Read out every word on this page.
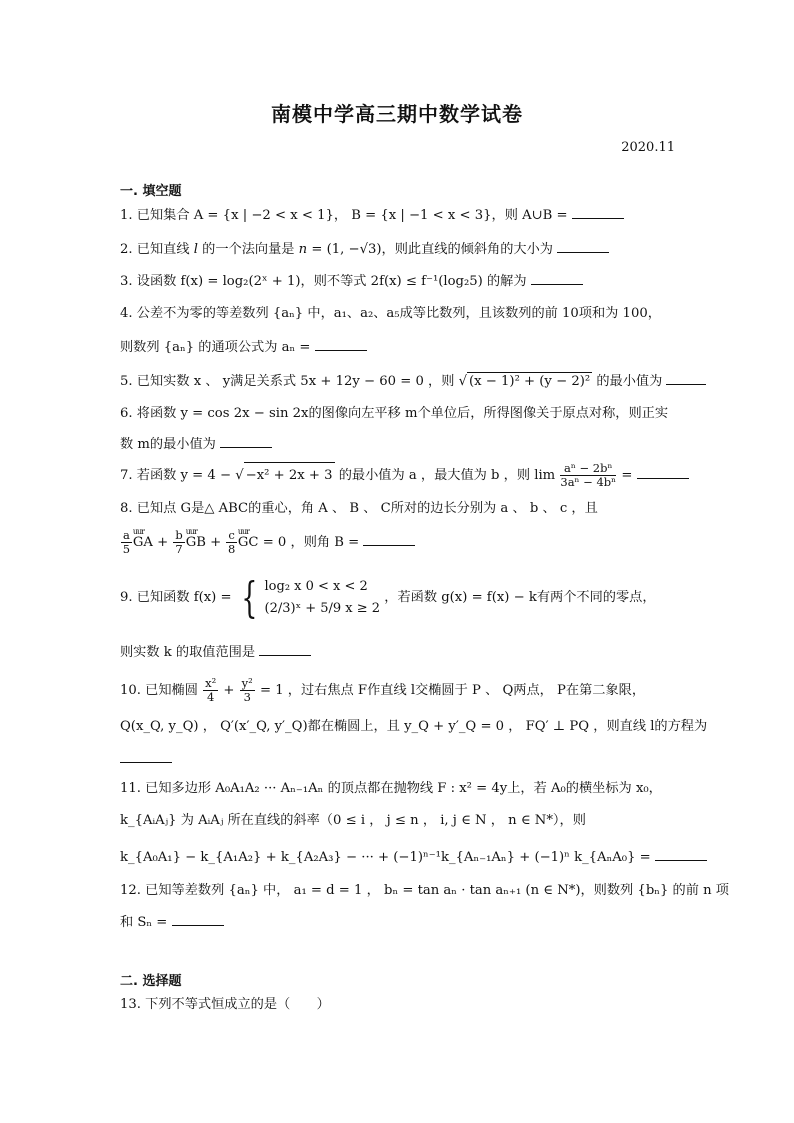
南模中学高三期中数学试卷
2020.11
一. 填空题
1. 已知集合 A = {x | −2 < x < 1}， B = {x | −1 < x < 3}，则 A∪B =
2. 已知直线 l 的一个法向量是 n = (1, −√3)，则此直线的倾斜角的大小为
3. 设函数 f(x) = log₂(2ˣ + 1)，则不等式 2f(x) ≤ f⁻¹(log₂5) 的解为
4. 公差不为零的等差数列 {aₙ} 中，a₁、a₂、a₅成等比数列，且该数列的前 10项和为 100，
则数列 {aₙ} 的通项公式为 aₙ =
5. 已知实数 x 、 y满足关系式 5x + 12y − 60 = 0 ，则 √ (x − 1)² + (y − 2)² 的最小值为
6. 将函数 y = cos 2x − sin 2x的图像向左平移 m个单位后，所得图像关于原点对称，则正实
数 m的最小值为
7. 若函数 y = 4 − √ −x² + 2x + 3 的最小值为 a ，最大值为 b ，则 $\lim \frac{\text{aⁿ − 2bⁿ}}{\text{3aⁿ − 4bⁿ}}$ =
8. 已知点 G是△ ABC的重心，角 A 、 B 、 C所对的边长分别为 a 、 b 、 c ，且
$\frac{a}{5}$ uur GA + $\frac{b}{7}$ uur GB + $\frac{c}{8}$ uur GC = 0 ，则角 B =
9. 已知函数 f(x) = { log₂ x 0 < x < 2
(2/3)ˣ + 5/9 x ≥ 2
，若函数 g(x) = f(x) − k有两个不同的零点，
则实数 k 的取值范围是
10. 已知椭圆 $\frac{\text{x²}}{4} + \frac{\text{y²}}{3} = 1$ ，过右焦点 F作直线 l交椭圆于 P 、 Q两点， P在第二象限，
Q(x_Q, y_Q) ， Q′(x′_Q, y′_Q)都在椭圆上，且 y_Q + y′_Q = 0 ， FQ′ ⊥ PQ ，则直线 l的方程为
11. 已知多边形 A₀A₁A₂ ··· Aₙ₋₁Aₙ 的顶点都在抛物线 F : x² = 4y上，若 A₀的横坐标为 x₀，
k_{AᵢAⱼ} 为 AᵢAⱼ 所在直线的斜率（0 ≤ i ， j ≤ n ， i, j ∈ N ， n ∈ N*），则
k_{A₀A₁} − k_{A₁A₂} + k_{A₂A₃} − ··· + (−1)ⁿ⁻¹k_{Aₙ₋₁Aₙ} + (−1)ⁿ k_{AₙA₀} =
12. 已知等差数列 {aₙ} 中， a₁ = d = 1 ， bₙ = tan aₙ · tan aₙ₊₁ (n ∈ N*)，则数列 {bₙ} 的前 n 项
和 Sₙ =
二. 选择题
13. 下列不等式恒成立的是（　　）
